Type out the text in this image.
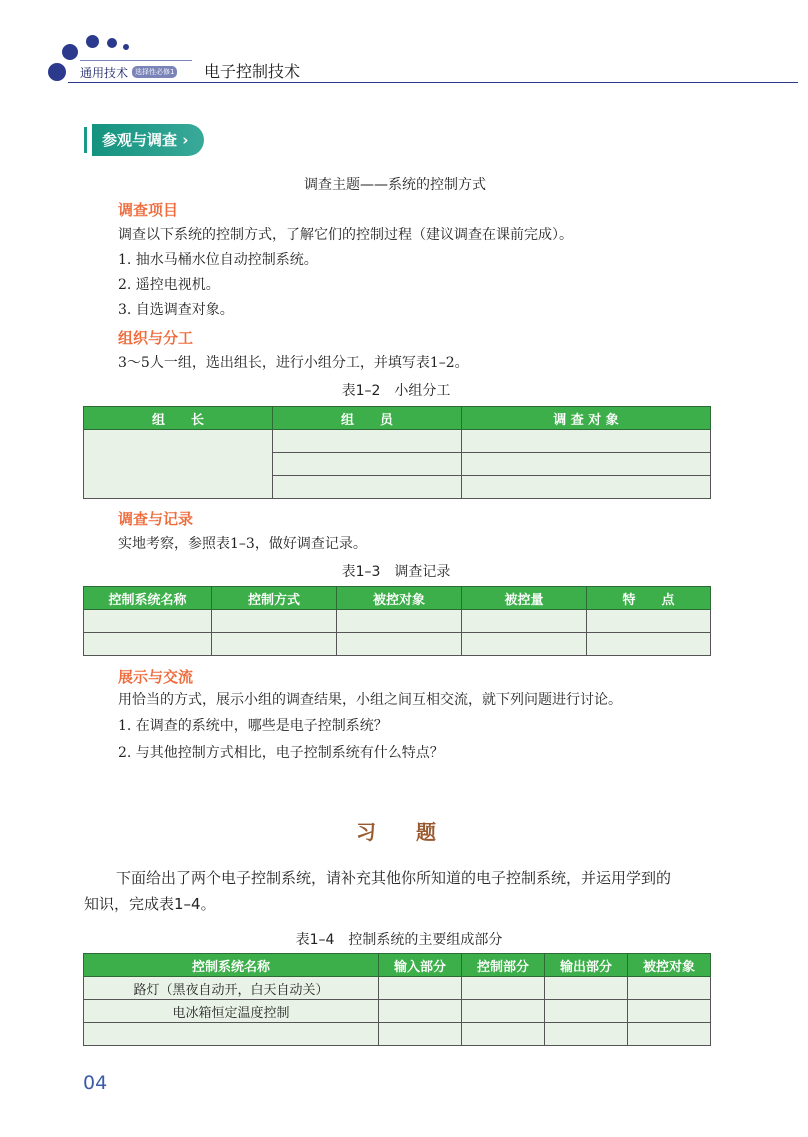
通用技术 选择性必修1 电子控制技术
参观与调查 ›
调查主题——系统的控制方式
调查项目
调查以下系统的控制方式，了解它们的控制过程（建议调查在课前完成）。
1. 抽水马桶水位自动控制系统。
2. 遥控电视机。
3. 自选调查对象。
组织与分工
3～5人一组，选出组长，进行小组分工，并填写表1–2。
表1–2　小组分工
组　　长	组　　员	调 查 对 象

调查与记录
实地考察，参照表1–3，做好调查记录。
表1–3　调查记录
控制系统名称	控制方式	被控对象	被控量	特　　点

展示与交流
用恰当的方式，展示小组的调查结果，小组之间互相交流，就下列问题进行讨论。
1. 在调查的系统中，哪些是电子控制系统？
2. 与其他控制方式相比，电子控制系统有什么特点？
习　　题
下面给出了两个电子控制系统，请补充其他你所知道的电子控制系统，并运用学到的
知识，完成表1–4。
表1–4　控制系统的主要组成部分
控制系统名称	输入部分	控制部分	输出部分	被控对象
路灯（黑夜自动开，白天自动关）				
电冰箱恒定温度控制				

04
